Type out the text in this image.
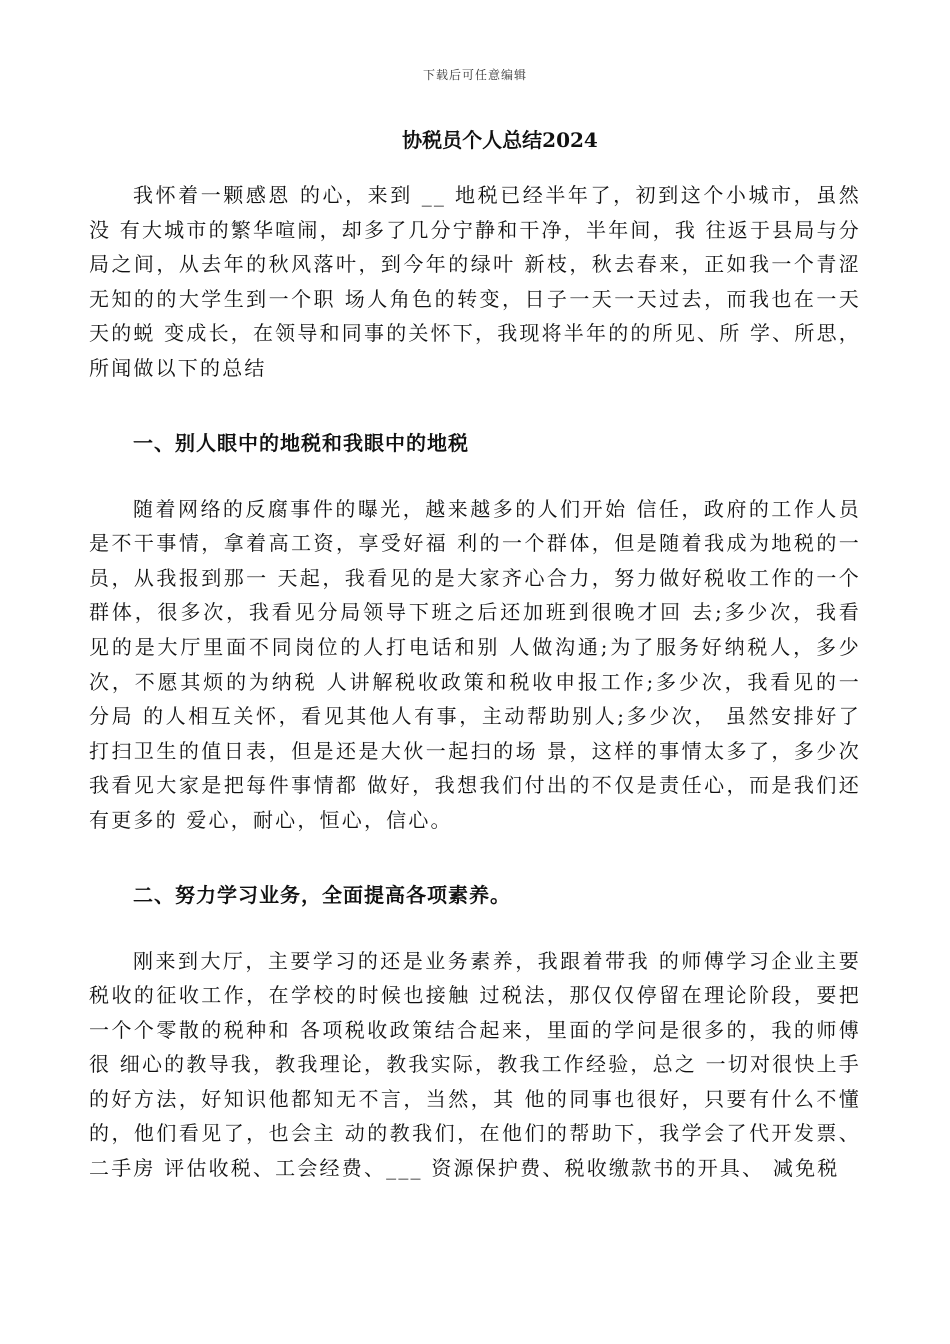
下载后可任意编辑
协税员个人总结2024

我怀着一颗感恩 的心，来到 __ 地税已经半年了，初到这个小城市，虽然没 有大城市的繁华喧闹，却多了几分宁静和干净，半年间，我 往返于县局与分局之间，从去年的秋风落叶，到今年的绿叶 新枝，秋去春来，正如我一个青涩无知的的大学生到一个职 场人角色的转变，日子一天一天过去，而我也在一天天的蜕 变成长，在领导和同事的关怀下，我现将半年的的所见、所 学、所思，所闻做以下的总结

一、别人眼中的地税和我眼中的地税

随着网络的反腐事件的曝光，越来越多的人们开始 信任，政府的工作人员是不干事情，拿着高工资，享受好福 利的一个群体，但是随着我成为地税的一员，从我报到那一 天起，我看见的是大家齐心合力，努力做好税收工作的一个 群体，很多次，我看见分局领导下班之后还加班到很晚才回 去;多少次，我看见的是大厅里面不同岗位的人打电话和别 人做沟通;为了服务好纳税人，多少次，不愿其烦的为纳税 人讲解税收政策和税收申报工作;多少次，我看见的一分局 的人相互关怀，看见其他人有事，主动帮助别人;多少次， 虽然安排好了打扫卫生的值日表，但是还是大伙一起扫的场 景，这样的事情太多了，多少次我看见大家是把每件事情都 做好，我想我们付出的不仅是责任心，而是我们还有更多的 爱心，耐心，恒心，信心。

二、努力学习业务，全面提高各项素养。

刚来到大厅，主要学习的还是业务素养，我跟着带我 的师傅学习企业主要税收的征收工作，在学校的时候也接触 过税法，那仅仅停留在理论阶段，要把一个个零散的税种和 各项税收政策结合起来，里面的学问是很多的，我的师傅很 细心的教导我，教我理论，教我实际，教我工作经验，总之 一切对很快上手的好方法，好知识他都知无不言，当然，其 他的同事也很好，只要有什么不懂的，他们看见了，也会主 动的教我们，在他们的帮助下，我学会了代开发票、二手房 评估收税、工会经费、___ 资源保护费、税收缴款书的开具、 减免税
